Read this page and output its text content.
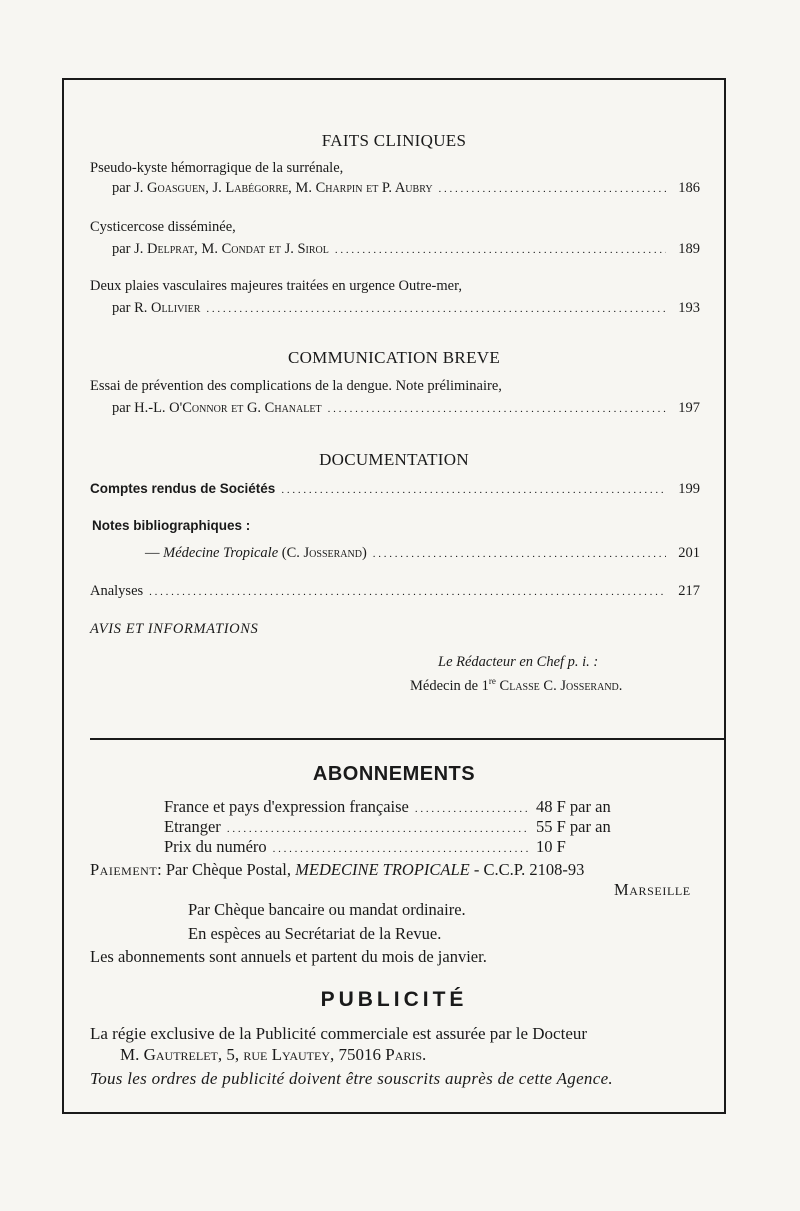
FAITS CLINIQUES
Pseudo-kyste hémorragique de la surrénale,
par
J. Goasguen, J. Labégorre, M. Charpin et P. Aubry . . .	186
Cysticercose disséminée,
par
J. Delprat, M. Condat et J. Sirol . . .	189
Deux plaies vasculaires majeures traitées en urgence Outre-mer,
par
R. Ollivier . . .	193
COMMUNICATION BREVE
Essai de prévention des complications de la dengue. Note préliminaire,
par
H.-L. O'Connor et G. Chanalet . . .	197
DOCUMENTATION
Comptes rendus de Sociétés . . .	199
Notes bibliographiques :
—
Médecine Tropicale
(C. Josserand) . . .	201
Analyses . . .	217
AVIS ET INFORMATIONS
Le Rédacteur en Chef p. i. :
Médecin de 1re Classe C. Josserand.
ABONNEMENTS
France et pays d'expression française . . .	48 F par an
Etranger . . .	55 F par an
Prix du numéro . . .	10 F
Paiement: Par Chèque Postal, MEDECINE TROPICALE - C.C.P. 2108-93
Marseille
Par Chèque bancaire ou mandat ordinaire.
En espèces au Secrétariat de la Revue.
Les abonnements sont annuels et partent du mois de janvier.
PUBLICITÉ
La régie exclusive de la Publicité commerciale est assurée par le Docteur
M. Gautrelet, 5, rue Lyautey, 75016 Paris.
Tous les ordres de publicité doivent être souscrits auprès de cette Agence.
